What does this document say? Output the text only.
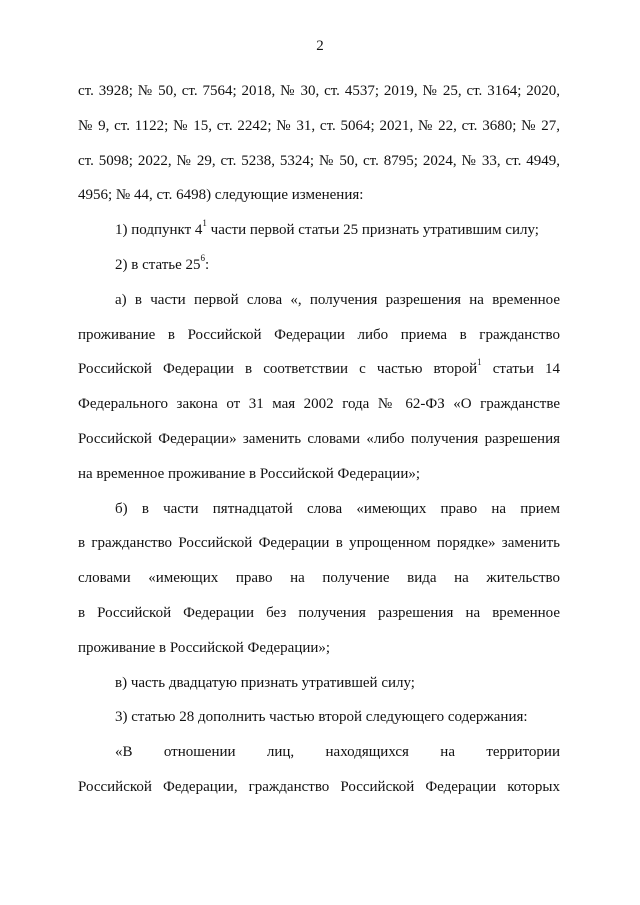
2
ст. 3928; № 50, ст. 7564; 2018, № 30, ст. 4537; 2019, № 25, ст. 3164; 2020,
№ 9, ст. 1122; № 15, ст. 2242; № 31, ст. 5064; 2021, № 22, ст. 3680; № 27,
ст. 5098; 2022, № 29, ст. 5238, 5324; № 50, ст. 8795; 2024, № 33, ст. 4949,
4956; № 44, ст. 6498) следующие изменения:
1) подпункт $4^1$ части первой статьи 25 признать утратившим силу;
2) в статье $25^6$:
а) в части первой слова «, получения разрешения на временное
проживание в Российской Федерации либо приема в гражданство
Российской Федерации в соответствии с частью второй$^1$ статьи 14
Федерального закона от 31 мая 2002 года № 62-ФЗ «О гражданстве
Российской Федерации» заменить словами «либо получения разрешения
на временное проживание в Российской Федерации»;
б) в части пятнадцатой слова «имеющих право на прием
в гражданство Российской Федерации в упрощенном порядке» заменить
словами «имеющих право на получение вида на жительство
в Российской Федерации без получения разрешения на временное
проживание в Российской Федерации»;
в) часть двадцатую признать утратившей силу;
3) статью 28 дополнить частью второй следующего содержания:
«В отношении лиц, находящихся на территории
Российской Федерации, гражданство Российской Федерации которых
